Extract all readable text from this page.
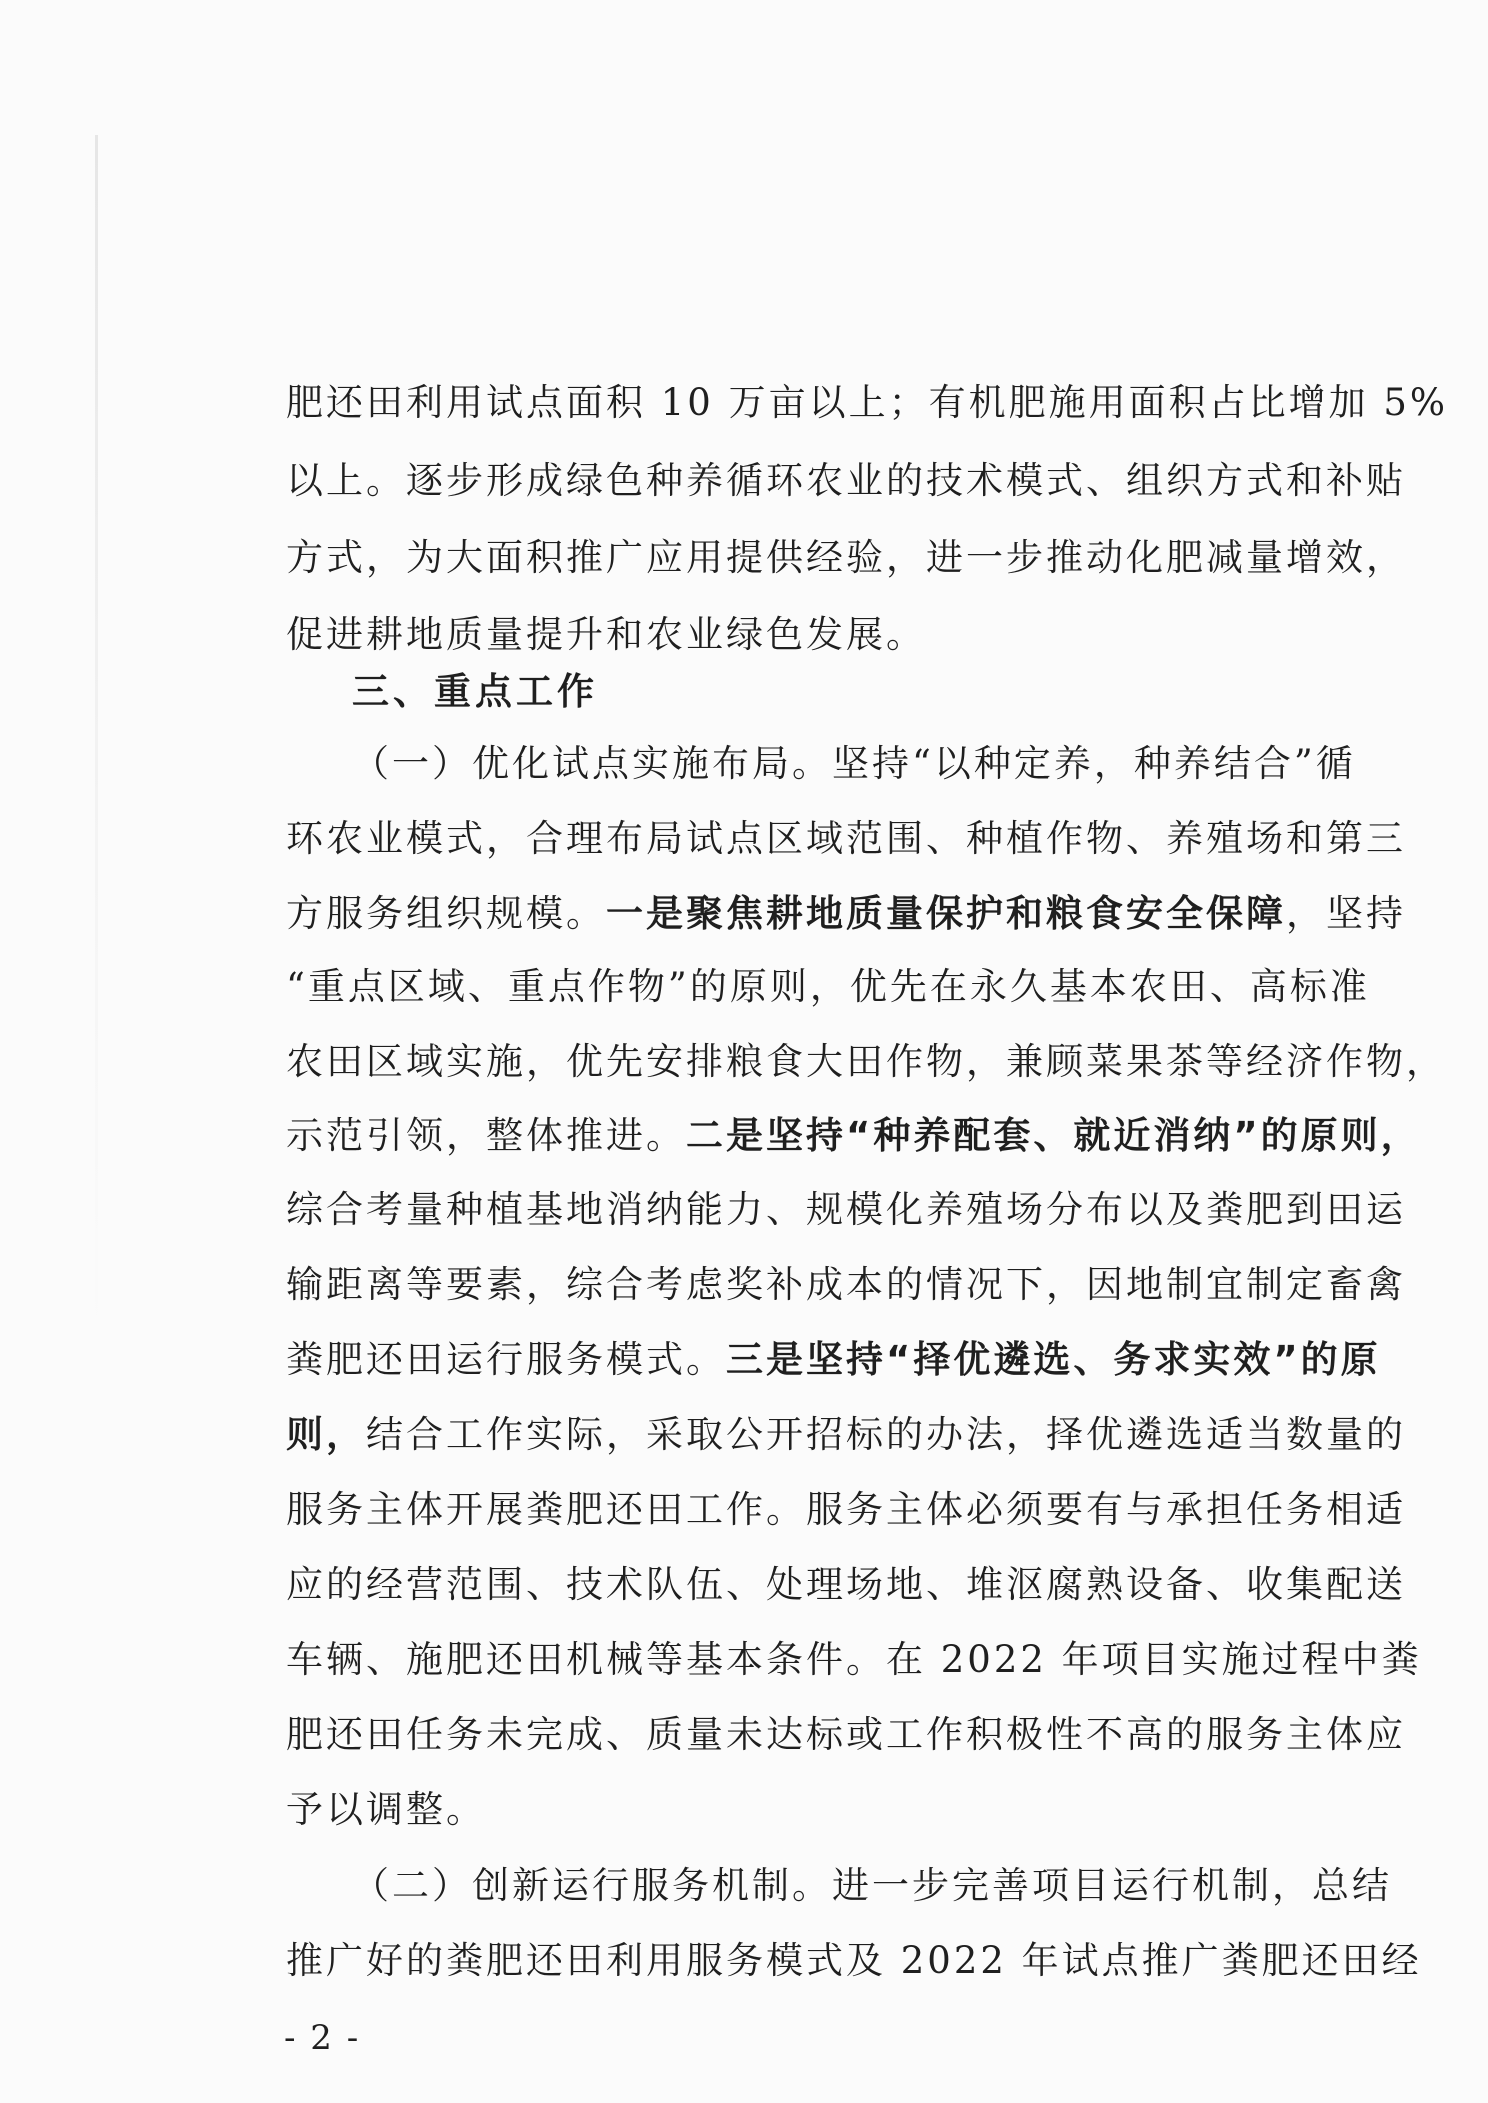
肥还田利用试点面积 10 万亩以上；有机肥施用面积占比增加 5%
以上。逐步形成绿色种养循环农业的技术模式、组织方式和补贴
方式，为大面积推广应用提供经验，进一步推动化肥减量增效，
促进耕地质量提升和农业绿色发展。
三、重点工作
（一）优化试点实施布局。坚持“以种定养，种养结合”循
环农业模式，合理布局试点区域范围、种植作物、养殖场和第三
方服务组织规模。一是聚焦耕地质量保护和粮食安全保障，坚持
“重点区域、重点作物”的原则，优先在永久基本农田、高标准
农田区域实施，优先安排粮食大田作物，兼顾菜果茶等经济作物，
示范引领，整体推进。二是坚持“种养配套、就近消纳”的原则，
综合考量种植基地消纳能力、规模化养殖场分布以及粪肥到田运
输距离等要素，综合考虑奖补成本的情况下，因地制宜制定畜禽
粪肥还田运行服务模式。三是坚持“择优遴选、务求实效”的原
则，结合工作实际，采取公开招标的办法，择优遴选适当数量的
服务主体开展粪肥还田工作。服务主体必须要有与承担任务相适
应的经营范围、技术队伍、处理场地、堆沤腐熟设备、收集配送
车辆、施肥还田机械等基本条件。在 2022 年项目实施过程中粪
肥还田任务未完成、质量未达标或工作积极性不高的服务主体应
予以调整。
（二）创新运行服务机制。进一步完善项目运行机制，总结
推广好的粪肥还田利用服务模式及 2022 年试点推广粪肥还田经
- 2 -
